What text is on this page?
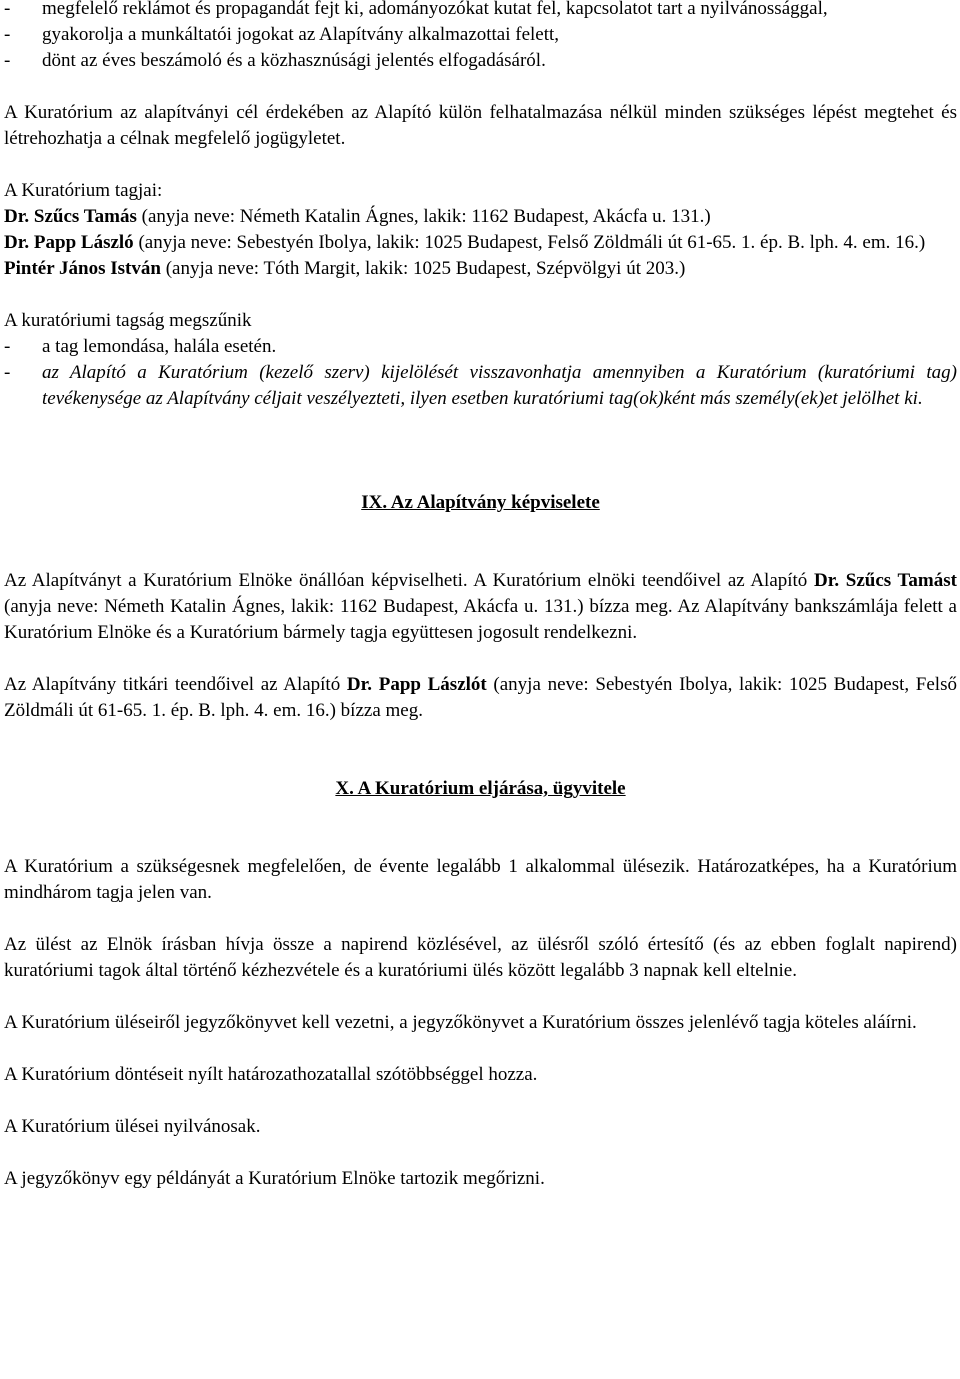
- megfelelő reklámot és propagandát fejt ki, adományozókat kutat fel, kapcsolatot tart a nyilvánossággal,
- gyakorolja a munkáltatói jogokat az Alapítvány alkalmazottai felett,
- dönt az éves beszámoló és a közhasznúsági jelentés elfogadásáról.

A Kuratórium az alapítványi cél érdekében az Alapító külön felhatalmazása nélkül minden szükséges lépést megtehet és létrehozhatja a célnak megfelelő jogügyletet.

A Kuratórium tagjai:

Dr. Szűcs Tamás (anyja neve: Németh Katalin Ágnes, lakik: 1162 Budapest, Akácfa u. 131.)

Dr. Papp László (anyja neve: Sebestyén Ibolya, lakik: 1025 Budapest, Felső Zöldmáli út 61-65. 1. ép. B. lph. 4. em. 16.)

Pintér János István (anyja neve: Tóth Margit, lakik: 1025 Budapest, Szépvölgyi út 203.)

A kuratóriumi tagság megszűnik

- a tag lemondása, halála esetén.
- az Alapító a Kuratórium (kezelő szerv) kijelölését visszavonhatja amennyiben a Kuratórium (kuratóriumi tag) tevékenysége az Alapítvány céljait veszélyezteti, ilyen esetben kuratóriumi tag(ok)ként más személy(ek)et jelölhet ki.
IX. Az Alapítvány képviselete

Az Alapítványt a Kuratórium Elnöke önállóan képviselheti. A Kuratórium elnöki teendőivel az Alapító Dr. Szűcs Tamást (anyja neve: Németh Katalin Ágnes, lakik: 1162 Budapest, Akácfa u. 131.) bízza meg. Az Alapítvány bankszámlája felett a Kuratórium Elnöke és a Kuratórium bármely tagja együttesen jogosult rendelkezni.

Az Alapítvány titkári teendőivel az Alapító Dr. Papp Lászlót (anyja neve: Sebestyén Ibolya, lakik: 1025 Budapest, Felső Zöldmáli út 61-65. 1. ép. B. lph. 4. em. 16.) bízza meg.

X. A Kuratórium eljárása, ügyvitele

A Kuratórium a szükségesnek megfelelően, de évente legalább 1 alkalommal ülésezik. Határozatképes, ha a Kuratórium mindhárom tagja jelen van.

Az ülést az Elnök írásban hívja össze a napirend közlésével, az ülésről szóló értesítő (és az ebben foglalt napirend) kuratóriumi tagok által történő kézhezvétele és a kuratóriumi ülés között legalább 3 napnak kell eltelnie.

A Kuratórium üléseiről jegyzőkönyvet kell vezetni, a jegyzőkönyvet a Kuratórium összes jelenlévő tagja köteles aláírni.

A Kuratórium döntéseit nyílt határozathozatallal szótöbbséggel hozza.

A Kuratórium ülései nyilvánosak.

A jegyzőkönyv egy példányát a Kuratórium Elnöke tartozik megőrizni.
